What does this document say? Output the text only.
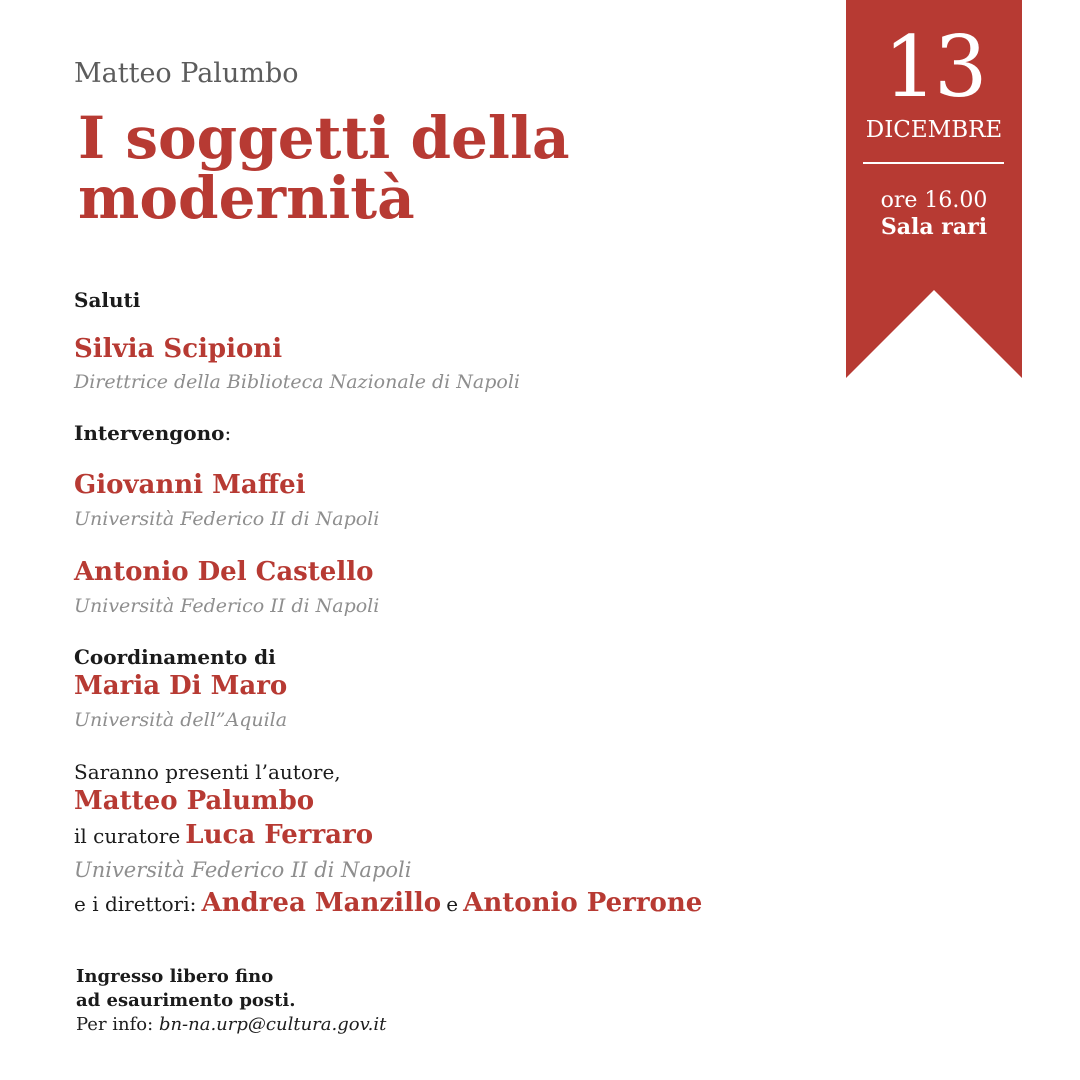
Matteo Palumbo
I soggetti della
modernità
13
DICEMBRE
ore 16.00
Sala rari
Saluti
Silvia Scipioni
Direttrice della Biblioteca Nazionale di Napoli
Intervengono:
Giovanni Maffei
Università Federico II di Napoli
Antonio Del Castello
Università Federico II di Napoli
Coordinamento di
Maria Di Maro
Università dell”Aquila
Saranno presenti l’autore,
Matteo Palumbo
il curatore Luca Ferraro
Università Federico II di Napoli
e i direttori: Andrea Manzillo e Antonio Perrone
Ingresso libero fino
ad esaurimento posti.
Per info: bn-na.urp@cultura.gov.it
